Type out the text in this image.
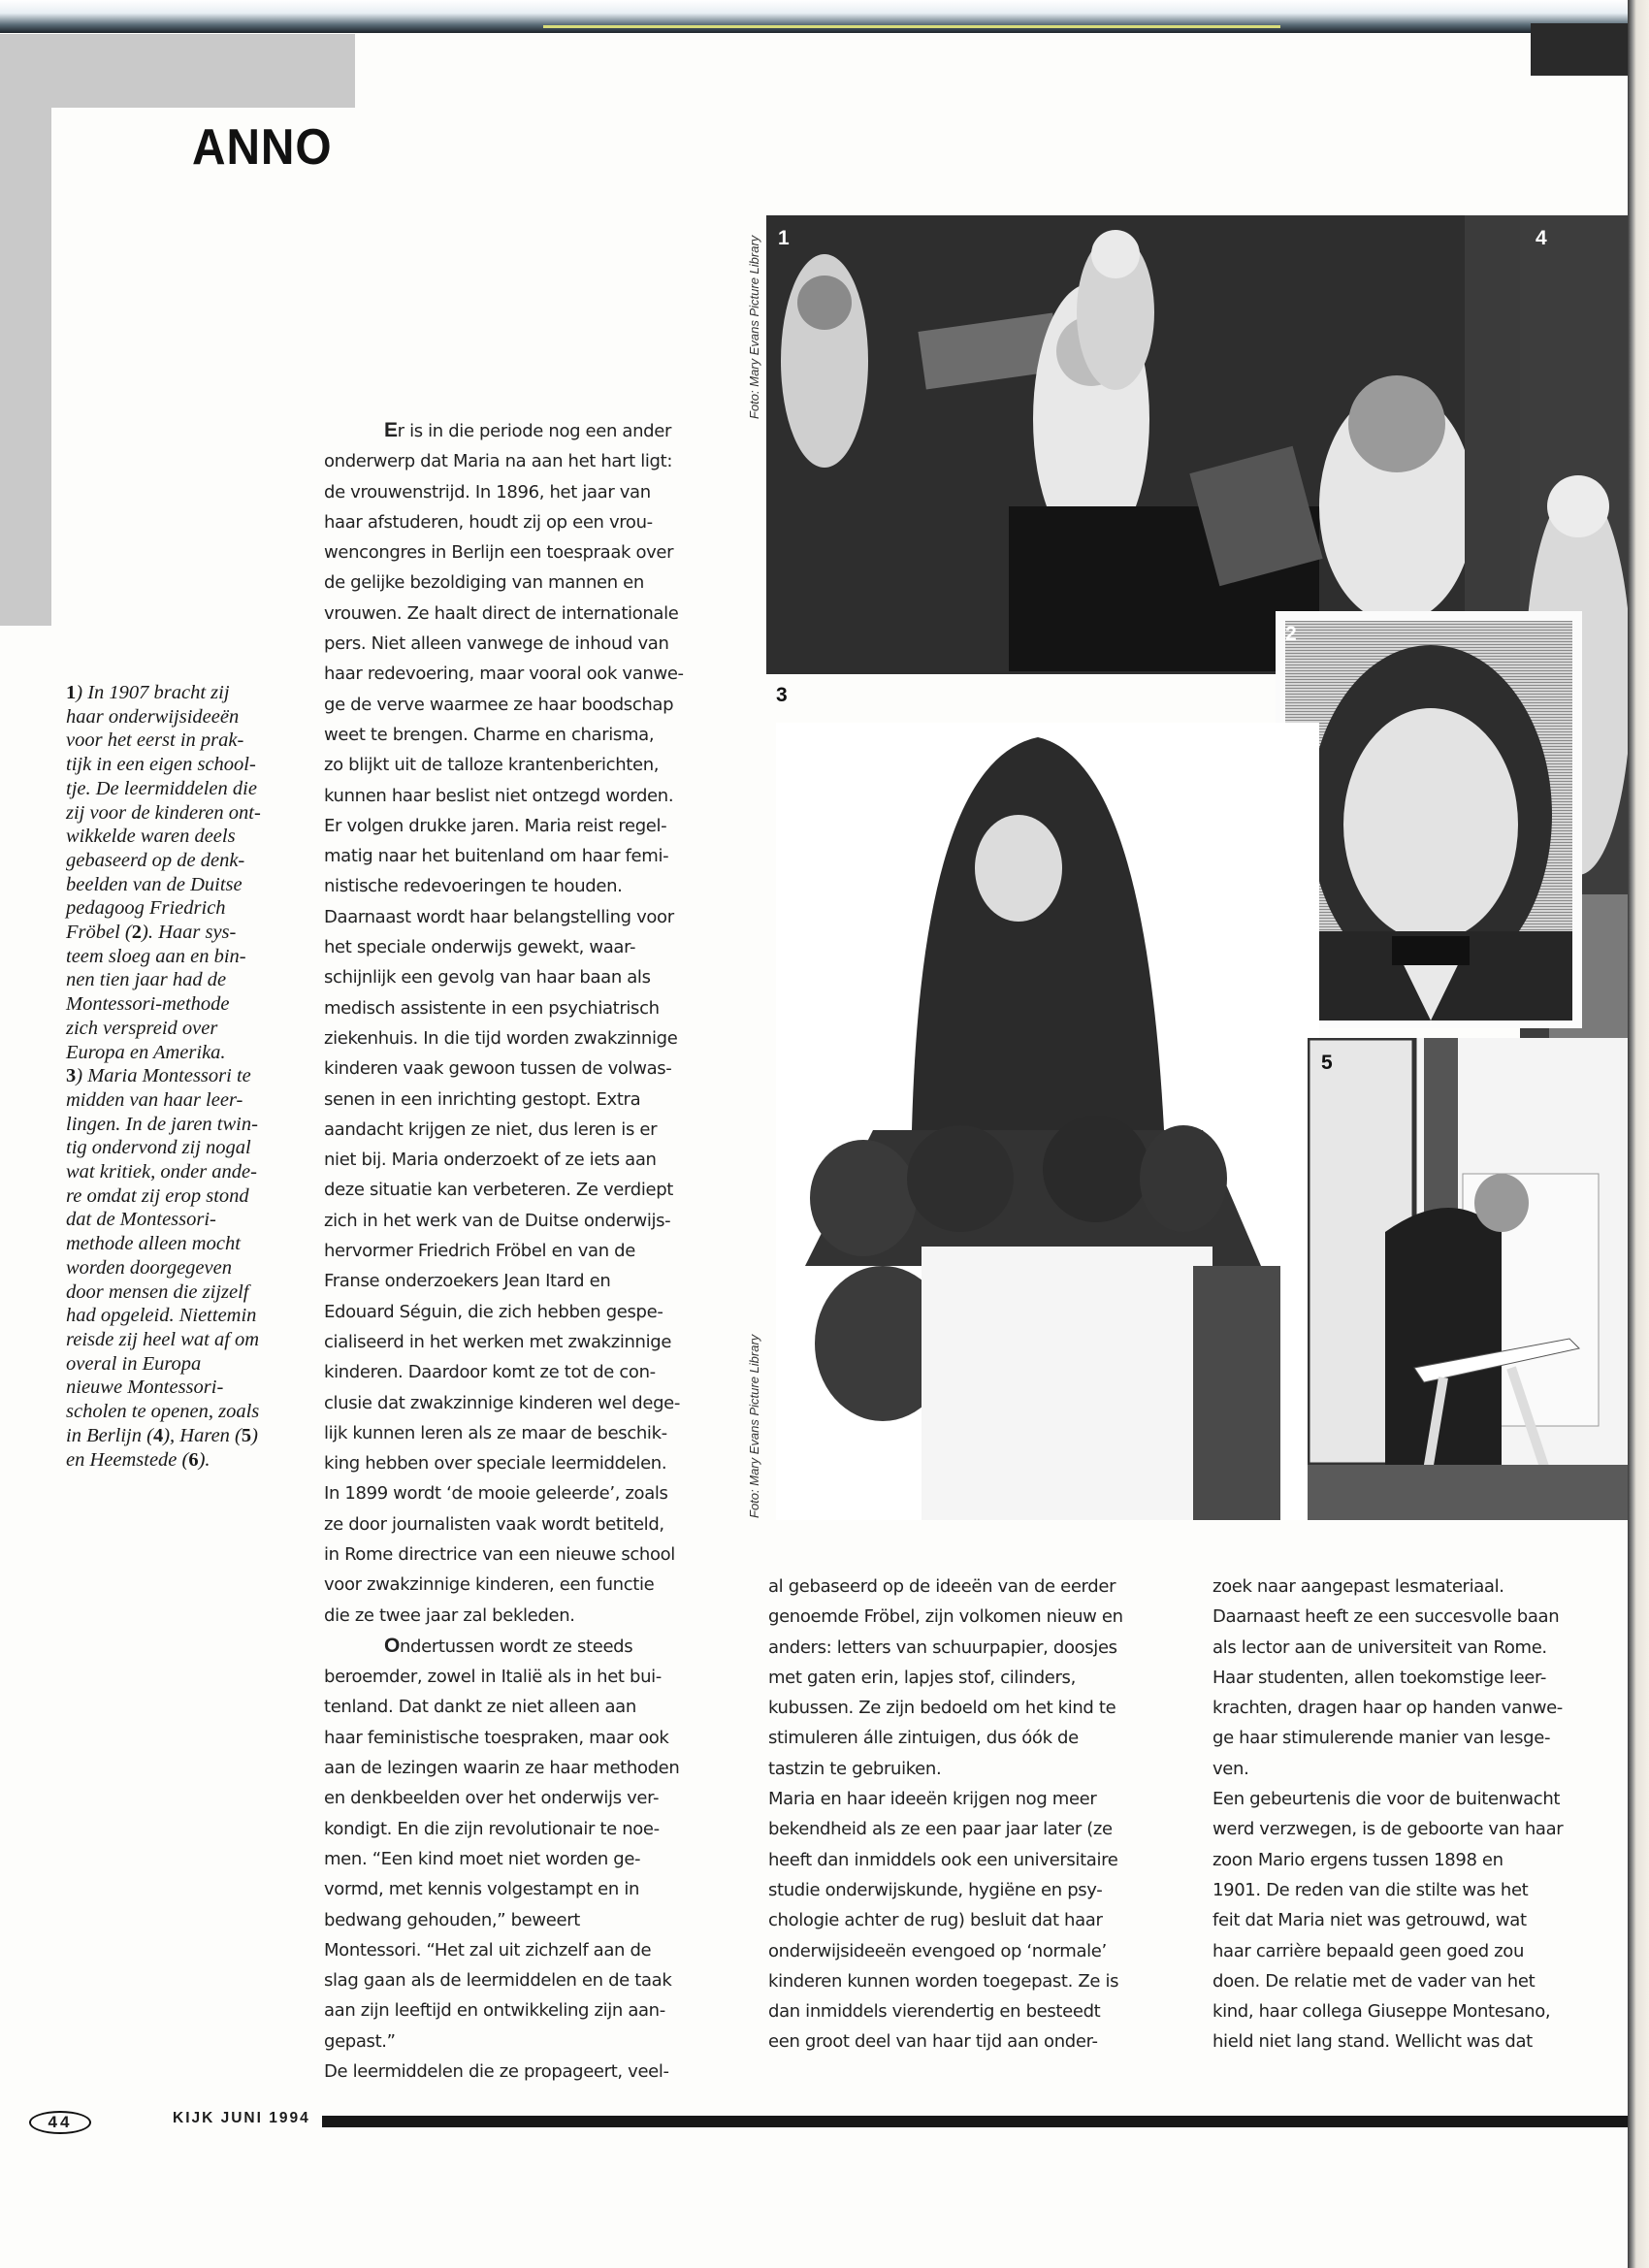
ANNO
1) In 1907 bracht zij
haar onderwijsideeën
voor het eerst in prak-
tijk in een eigen school-
tje. De leermiddelen die
zij voor de kinderen ont-
wikkelde waren deels
gebaseerd op de denk-
beelden van de Duitse
pedagoog Friedrich
Fröbel (2). Haar sys-
teem sloeg aan en bin-
nen tien jaar had de
Montessori-methode
zich verspreid over
Europa en Amerika.
3) Maria Montessori te
midden van haar leer-
lingen. In de jaren twin-
tig ondervond zij nogal
wat kritiek, onder ande-
re omdat zij erop stond
dat de Montessori-
methode alleen mocht
worden doorgegeven
door mensen die zijzelf
had opgeleid. Niettemin
reisde zij heel wat af om
overal in Europa
nieuwe Montessori-
scholen te openen, zoals
in Berlijn (4), Haren (5)
en Heemstede (6).
Er is in die periode nog een ander
onderwerp dat Maria na aan het hart ligt:
de vrouwenstrijd. In 1896, het jaar van
haar afstuderen, houdt zij op een vrou-
wencongres in Berlijn een toespraak over
de gelijke bezoldiging van mannen en
vrouwen. Ze haalt direct de internationale
pers. Niet alleen vanwege de inhoud van
haar redevoering, maar vooral ook vanwe-
ge de verve waarmee ze haar boodschap
weet te brengen. Charme en charisma,
zo blijkt uit de talloze krantenberichten,
kunnen haar beslist niet ontzegd worden.
Er volgen drukke jaren. Maria reist regel-
matig naar het buitenland om haar femi-
nistische redevoeringen te houden.
Daarnaast wordt haar belangstelling voor
het speciale onderwijs gewekt, waar-
schijnlijk een gevolg van haar baan als
medisch assistente in een psychiatrisch
ziekenhuis. In die tijd worden zwakzinnige
kinderen vaak gewoon tussen de volwas-
senen in een inrichting gestopt. Extra
aandacht krijgen ze niet, dus leren is er
niet bij. Maria onderzoekt of ze iets aan
deze situatie kan verbeteren. Ze verdiept
zich in het werk van de Duitse onderwijs-
hervormer Friedrich Fröbel en van de
Franse onderzoekers Jean Itard en
Edouard Séguin, die zich hebben gespe-
cialiseerd in het werken met zwakzinnige
kinderen. Daardoor komt ze tot de con-
clusie dat zwakzinnige kinderen wel dege-
lijk kunnen leren als ze maar de beschik-
king hebben over speciale leermiddelen.
In 1899 wordt ‘de mooie geleerde’, zoals
ze door journalisten vaak wordt betiteld,
in Rome directrice van een nieuwe school
voor zwakzinnige kinderen, een functie
die ze twee jaar zal bekleden.
Ondertussen wordt ze steeds
beroemder, zowel in Italië als in het bui-
tenland. Dat dankt ze niet alleen aan
haar feministische toespraken, maar ook
aan de lezingen waarin ze haar methoden
en denkbeelden over het onderwijs ver-
kondigt. En die zijn revolutionair te noe-
men. “Een kind moet niet worden ge-
vormd, met kennis volgestampt en in
bedwang gehouden,” beweert
Montessori. “Het zal uit zichzelf aan de
slag gaan als de leermiddelen en de taak
aan zijn leeftijd en ontwikkeling zijn aan-
gepast.”
De leermiddelen die ze propageert, veel-
al gebaseerd op de ideeën van de eerder
genoemde Fröbel, zijn volkomen nieuw en
anders: letters van schuurpapier, doosjes
met gaten erin, lapjes stof, cilinders,
kubussen. Ze zijn bedoeld om het kind te
stimuleren álle zintuigen, dus óók de
tastzin te gebruiken.
Maria en haar ideeën krijgen nog meer
bekendheid als ze een paar jaar later (ze
heeft dan inmiddels ook een universitaire
studie onderwijskunde, hygiëne en psy-
chologie achter de rug) besluit dat haar
onderwijsideeën evengoed op ‘normale’
kinderen kunnen worden toegepast. Ze is
dan inmiddels vierendertig en besteedt
een groot deel van haar tijd aan onder-
zoek naar aangepast lesmateriaal.
Daarnaast heeft ze een succesvolle baan
als lector aan de universiteit van Rome.
Haar studenten, allen toekomstige leer-
krachten, dragen haar op handen vanwe-
ge haar stimulerende manier van lesge-
ven.
Een gebeurtenis die voor de buitenwacht
werd verzwegen, is de geboorte van haar
zoon Mario ergens tussen 1898 en
1901. De reden van die stilte was het
feit dat Maria niet was getrouwd, wat
haar carrière bepaald geen goed zou
doen. De relatie met de vader van het
kind, haar collega Giuseppe Montesano,
hield niet lang stand. Wellicht was dat
1	4
2
3
5
Foto: Mary Evans Picture Library
Foto: Mary Evans Picture Library
44	KIJK JUNI 1994
